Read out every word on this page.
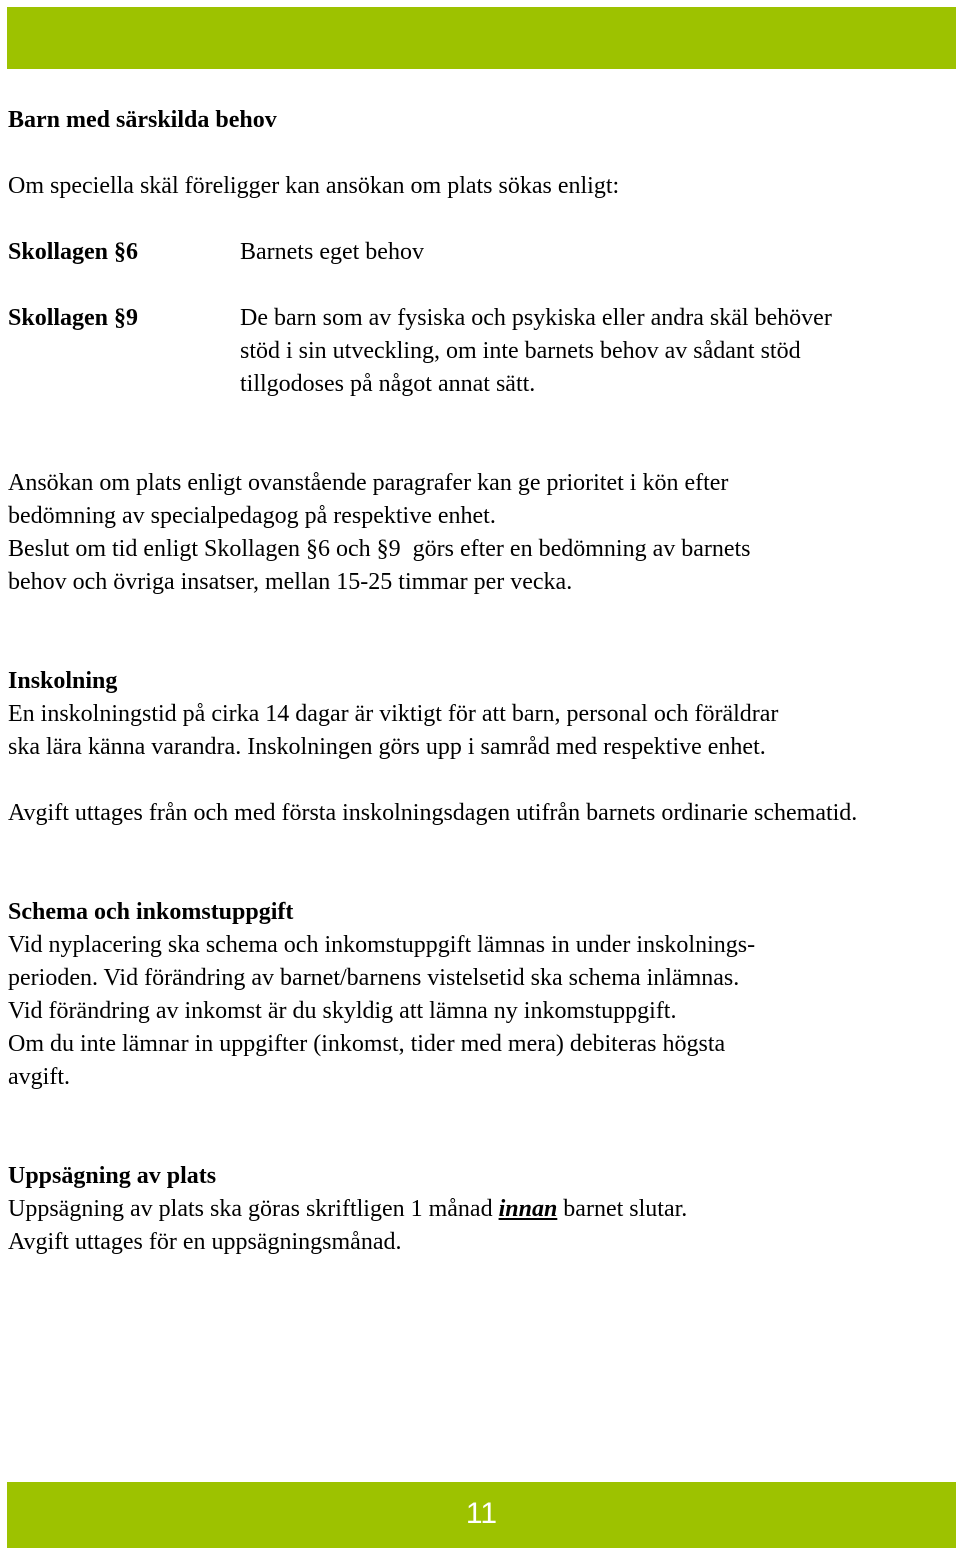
Barn med särskilda behov

Om speciella skäl föreligger kan ansökan om plats sökas enligt:

Skollagen §6	Barnets eget behov
Skollagen §9	De barn som av fysiska och psykiska eller andra skäl behöver stöd i sin utveckling, om inte barnets behov av sådant stöd tillgodoses på något annat sätt.

Ansökan om plats enligt ovanstående paragrafer kan ge prioritet i kön efter

bedömning av specialpedagog på respektive enhet.

Beslut om tid enligt Skollagen §6 och §9  görs efter en bedömning av barnets

behov och övriga insatser, mellan 15-25 timmar per vecka.

Inskolning

En inskolningstid på cirka 14 dagar är viktigt för att barn, personal och föräldrar ska lära känna varandra. Inskolningen görs upp i samråd med respektive enhet.

Avgift uttages från och med första inskolningsdagen utifrån barnets ordinarie schematid.

Schema och inkomstuppgift

Vid nyplacering ska schema och inkomstuppgift lämnas in under inskolnings-

perioden. Vid förändring av barnet/barnens vistelsetid ska schema inlämnas.

Vid förändring av inkomst är du skyldig att lämna ny inkomstuppgift.

Om du inte lämnar in uppgifter (inkomst, tider med mera) debiteras högsta

avgift.

Uppsägning av plats

Uppsägning av plats ska göras skriftligen 1 månad innan barnet slutar.

Avgift uttages för en uppsägningsmånad.

11
